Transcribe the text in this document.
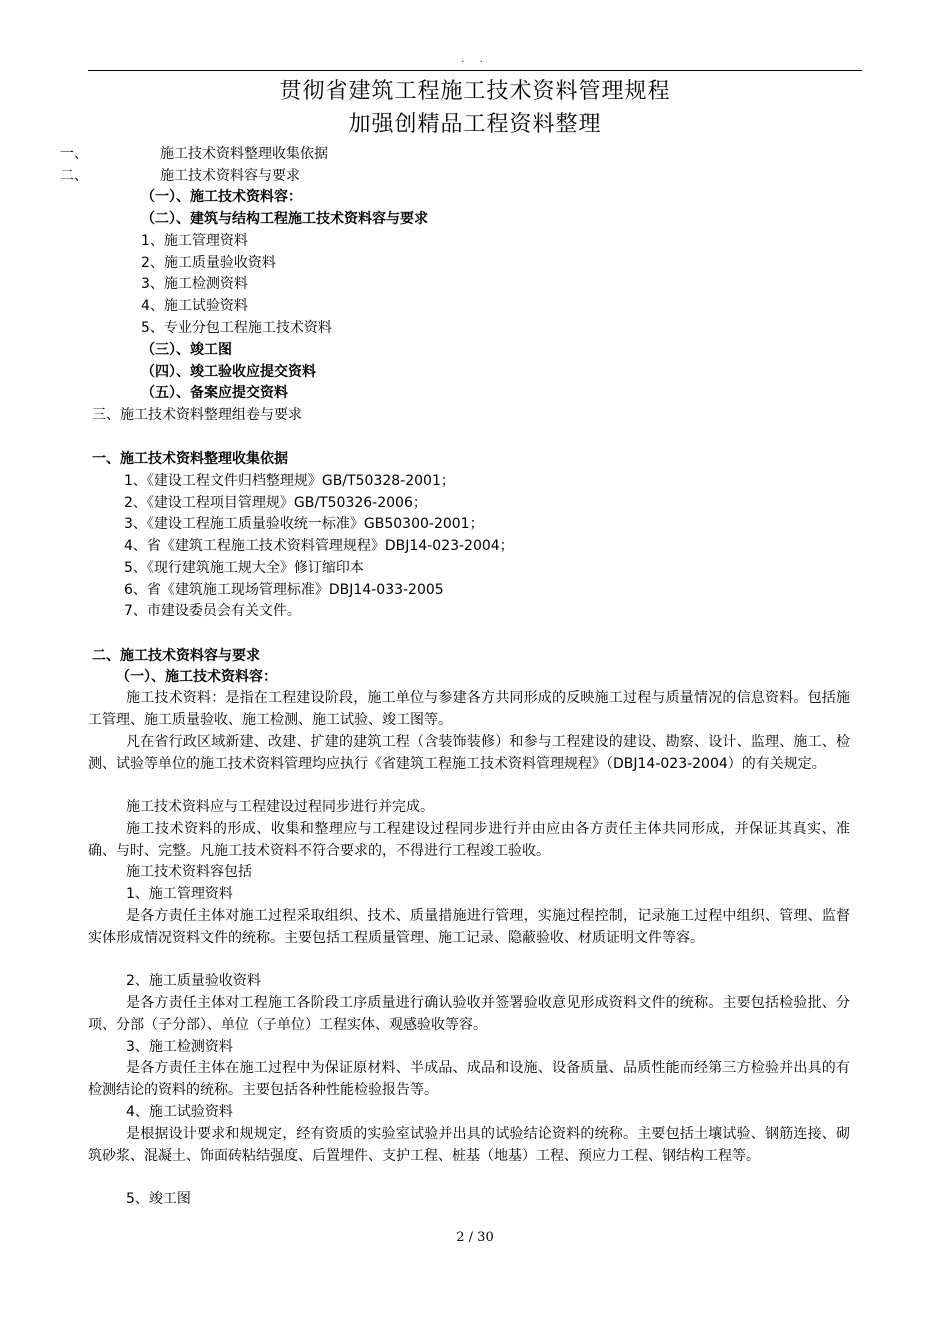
. .
贯彻省建筑工程施工技术资料管理规程
加强创精品工程资料整理
一、	施工技术资料整理收集依据
二、	施工技术资料容与要求
（一）、施工技术资料容：
（二）、建筑与结构工程施工技术资料容与要求
1、施工管理资料
2、施工质量验收资料
3、施工检测资料
4、施工试验资料
5、专业分包工程施工技术资料
（三）、竣工图
（四）、竣工验收应提交资料
（五）、备案应提交资料
三、施工技术资料整理组卷与要求
一、施工技术资料整理收集依据
1、《建设工程文件归档整理规》GB/T50328-2001；
2、《建设工程项目管理规》GB/T50326-2006；
3、《建设工程施工质量验收统一标准》GB50300-2001；
4、省《建筑工程施工技术资料管理规程》DBJ14-023-2004；
5、《现行建筑施工规大全》修订缩印本
6、省《建筑施工现场管理标准》DBJ14-033-2005
7、市建设委员会有关文件。
二、施工技术资料容与要求
（一）、施工技术资料容：
施工技术资料：是指在工程建设阶段，施工单位与参建各方共同形成的反映施工过程与质量情况的信息资料。包括施工管理、施工质量验收、施工检测、施工试验、竣工图等。
凡在省行政区域新建、改建、扩建的建筑工程（含装饰装修）和参与工程建设的建设、勘察、设计、监理、施工、检测、试验等单位的施工技术资料管理均应执行《省建筑工程施工技术资料管理规程》（DBJ14-023-2004）的有关规定。
施工技术资料应与工程建设过程同步进行并完成。
施工技术资料的形成、收集和整理应与工程建设过程同步进行并由应由各方责任主体共同形成，并保证其真实、准确、与时、完整。凡施工技术资料不符合要求的，不得进行工程竣工验收。
施工技术资料容包括
1、施工管理资料
是各方责任主体对施工过程采取组织、技术、质量措施进行管理，实施过程控制，记录施工过程中组织、管理、监督实体形成情况资料文件的统称。主要包括工程质量管理、施工记录、隐蔽验收、材质证明文件等容。
2、施工质量验收资料
是各方责任主体对工程施工各阶段工序质量进行确认验收并签署验收意见形成资料文件的统称。主要包括检验批、分项、分部（子分部）、单位（子单位）工程实体、观感验收等容。
3、施工检测资料
是各方责任主体在施工过程中为保证原材料、半成品、成品和设施、设备质量、品质性能而经第三方检验并出具的有检测结论的资料的统称。主要包括各种性能检验报告等。
4、施工试验资料
是根据设计要求和规规定，经有资质的实验室试验并出具的试验结论资料的统称。主要包括土壤试验、钢筋连接、砌筑砂浆、混凝土、饰面砖粘结强度、后置埋件、支护工程、桩基（地基）工程、预应力工程、钢结构工程等。
5、竣工图
2 / 30
